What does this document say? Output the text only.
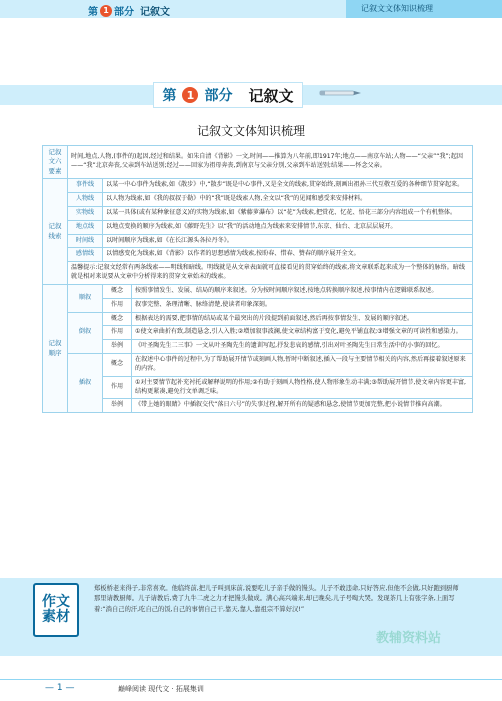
第 1 部分 记叙文	记叙文文体知识梳理
第 1 部分 记叙文
记叙文文体知识梳理
记叙文六要素	时间,地点,人物,(事件的)起因,经过和结果。如朱自清《背影》一文,时间——推算为八年前,即1917年;地点——南京车站;人物——“父亲”“我”;起因——“我”北京奔丧,父亲到车站送别;经过——回家为祖母奔丧,到南京与父亲分别,父亲到车站送别;结果——怀念父亲。		
记叙线索	事件线	以某一中心事件为线索,如《散步》中,“散步”既是中心事件,又是全文的线索,贯穿始终,刻画出祖孙三代互敬互爱的各种细节贯穿起来。	
	人物线	以人物为线索,如《我的叔叔于勒》中的“我”既是线索人物,全文以“我”的见闻和感受来安排材料。	
	实物线	以某一具体(或有某种象征意义)的实物为线索,如《紫藤萝瀑布》以“花”为线索,把赏花、忆花、悟花三部分内容组成一个有机整体。	
	地点线	以地点变换的顺序为线索,如《藤野先生》以“我”的活动地点为线索来安排情节,东京、仙台、北京层层展开。	
	时间线	以时间顺序为线索,如《在长江源头各拉丹冬》。	
	感情线	以情感变化为线索,如《背影》以作者的思想感情为线索,按盼春、惜春、赞春的顺序展开全文。	
	温馨提示:记叙文经常有两条线索——明线和暗线。明线就是从文章表面就可直接看见的贯穿始终的线索,将文章联系起来成为一个整体的脉络。暗线就是相对来说要从文章中分析得来的贯穿文章始末的线索。		
记叙顺序	顺叙	概念	按照事情发生、发展、结局的顺序来叙述。分为按时间顺序叙述,按地点转换顺序叙述,按事情内在逻辑联系叙述。
		作用	叙事完整、条理清晰、脉络清楚,使读者印象深刻。
	倒叙	概念	根据表达的需要,把事情的结局或某个最突出的片段提到前面叙述,然后再按事情发生、发展的顺序叙述。
		作用	①使文章曲折有致,制造悬念,引人入胜;②增加叙事波澜,使文章结构富于变化,避免平铺直叙;③增强文章的可读性和感染力。
		举例	《叶圣陶先生二三事》一文从叶圣陶先生的遗训写起,抒发悲哀的感情,引出对叶圣陶先生日常生活中的小事的回忆。
	插叙	概念	在叙述中心事件的过程中,为了帮助展开情节或刻画人物,暂时中断叙述,插入一段与主要情节相关的内容,然后再接着叙述原来的内容。
		作用	①对主要情节起补充衬托或解释说明的作用;②有助于刻画人物性格,使人物形象生动丰满;③帮助展开情节,使文章内容更丰富,结构更紧凑,避免行文单调乏味。
		举例	《带上她的眼睛》中插叙交代“落日六号”的失事过程,解开所有的疑惑和悬念,使情节更加完整,把小说情节推向高潮。
作文
素材
郑板桥老来得子,非常喜欢。他临终前,把儿子叫到床前,说要吃儿子亲手做的馒头。儿子不敢违命,只好答应,但他不会做,只好跑到厨师那里请教厨师。儿子请教后,费了九牛二虎之力才把馒头做成。满心高兴端来,却已晚矣,儿子号啕大哭。发现茶几上有张字条,上面写着:“淌自己的汗,吃自己的饭,自己的事情自己干,靠天,靠人,靠祖宗不算好汉!”
教辅资料站
— 1 —	巅峰阅读 现代文 · 拓展集训
